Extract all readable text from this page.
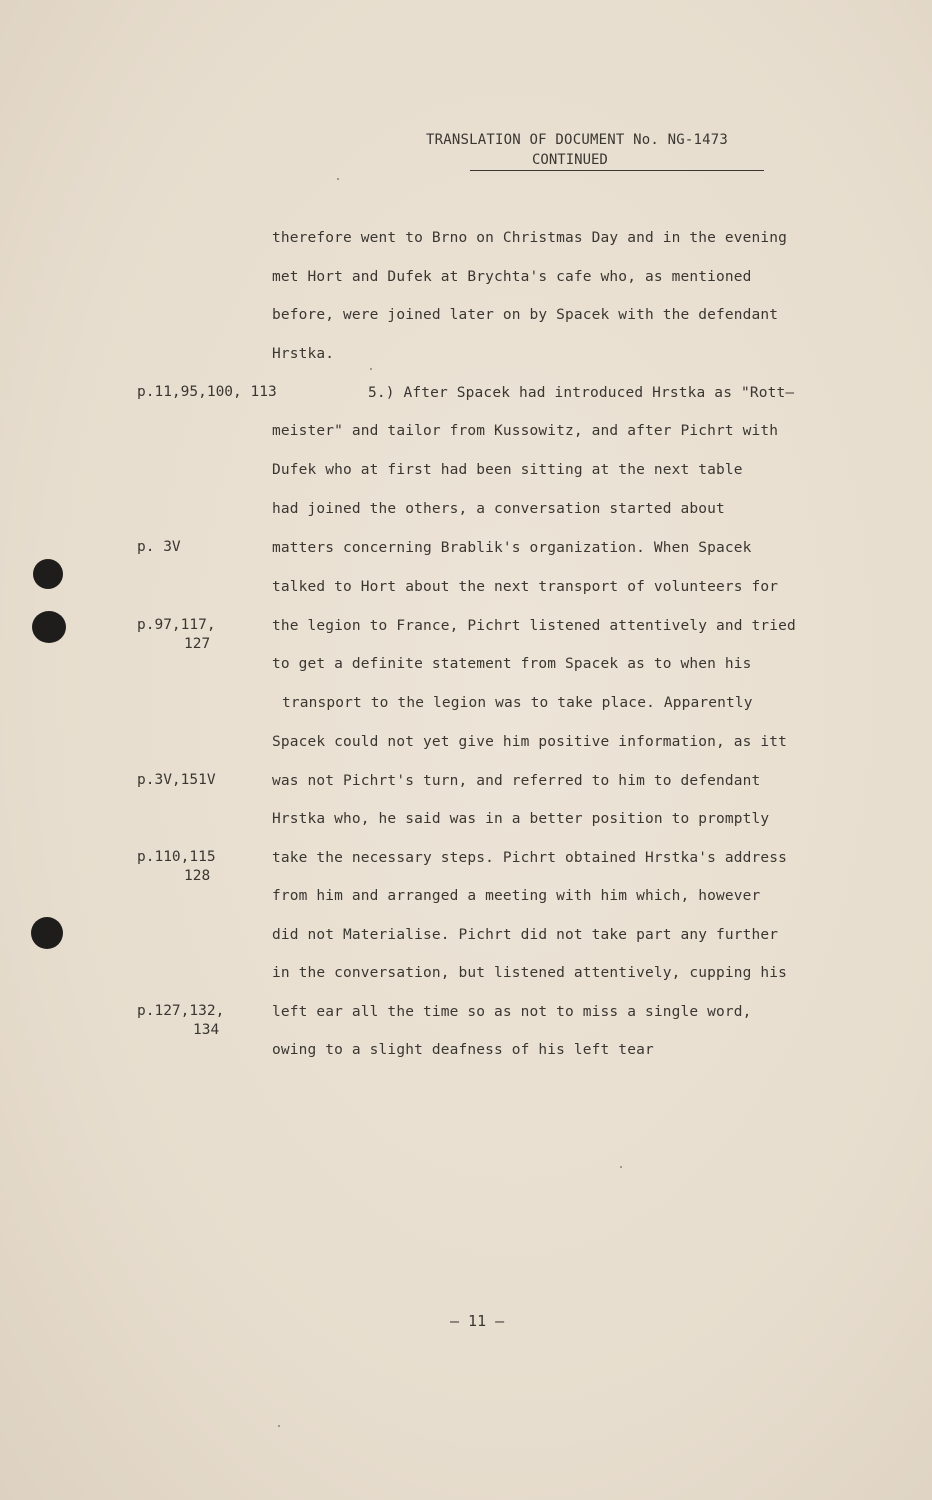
TRANSLATION OF DOCUMENT No. NG-1473
CONTINUED
therefore went to Brno on Christmas Day and in the evening
met Hort and Dufek at Brychta's cafe who, as mentioned
before, were joined later on by Spacek with the defendant
Hrstka.
5.) After Spacek had introduced Hrstka as "Rott–
meister" and tailor from Kussowitz, and after Pichrt with
Dufek who at first had been sitting at the next table
had joined the others, a conversation started about
matters concerning Brablik's organization. When Spacek
talked to Hort about the next transport of volunteers for
the legion to France, Pichrt listened attentively and tried
to get a definite statement from Spacek as to when his
transport to the legion was to take place. Apparently
Spacek could not yet give him positive information, as itt
was not Pichrt's turn, and referred to him to defendant
Hrstka who, he said was in a better position to promptly
take the necessary steps. Pichrt obtained Hrstka's address
from him and arranged a meeting with him which, however
did not Materialise. Pichrt did not take part any further
in the conversation, but listened attentively, cupping his
left ear all the time so as not to miss a single word,
owing to a slight deafness of his left tear
p.11,95,100, 113
p. 3V
p.97,117,
127
p.3V,151V
p.110,115
128
p.127,132,
134
– 11 –
